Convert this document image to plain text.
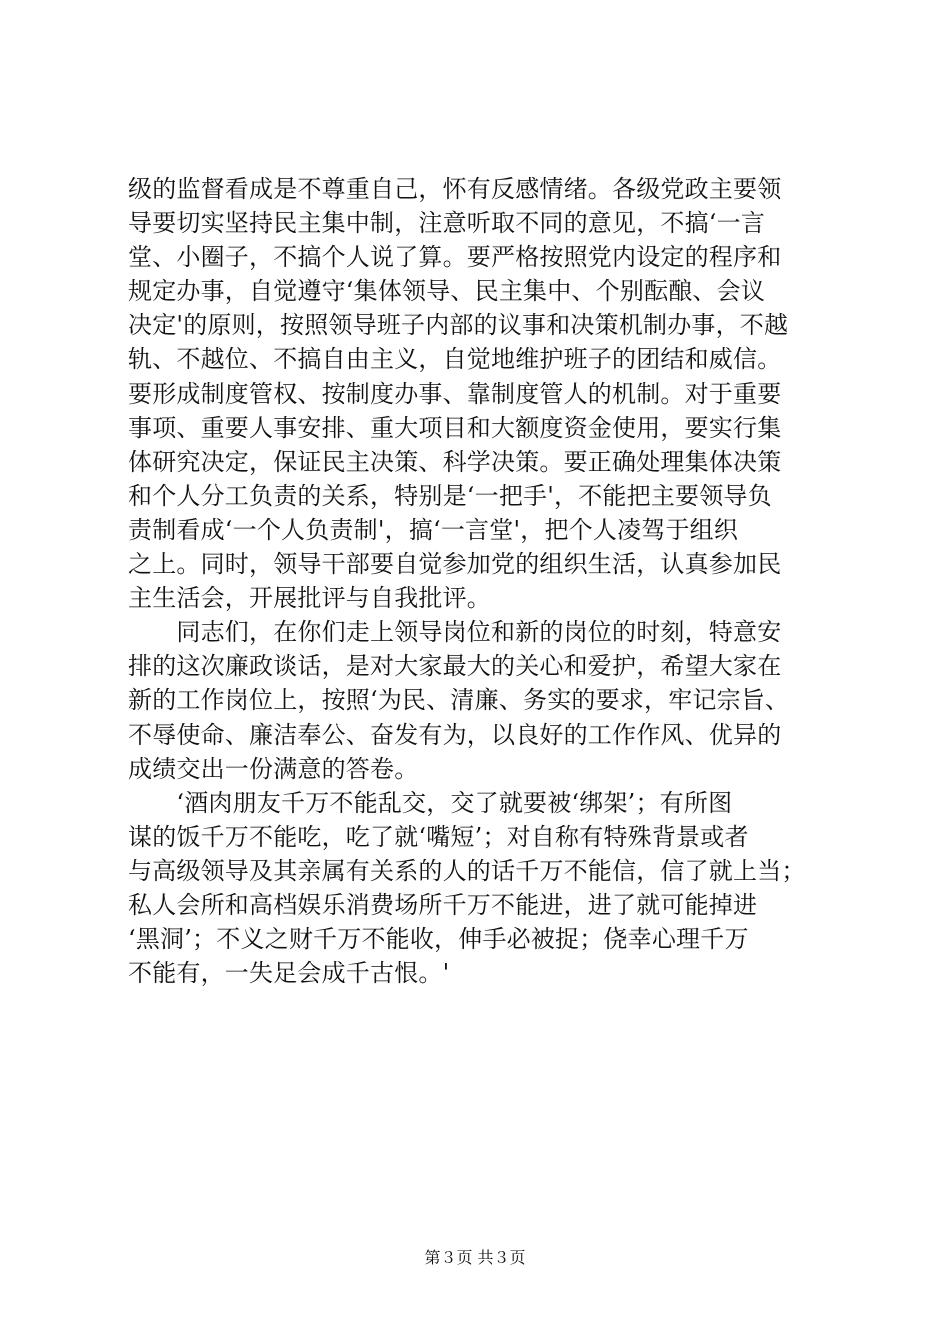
级的监督看成是不尊重自己，怀有反感情绪。各级党政主要领
导要切实坚持民主集中制，注意听取不同的意见，不搞‘一言
堂、小圈子，不搞个人说了算。要严格按照党内设定的程序和
规定办事，自觉遵守‘集体领导、民主集中、个别酝酿、会议
决定'的原则，按照领导班子内部的议事和决策机制办事，不越
轨、不越位、不搞自由主义，自觉地维护班子的团结和威信。
要形成制度管权、按制度办事、靠制度管人的机制。对于重要
事项、重要人事安排、重大项目和大额度资金使用，要实行集
体研究决定，保证民主决策、科学决策。要正确处理集体决策
和个人分工负责的关系，特别是‘一把手'，不能把主要领导负
责制看成‘一个人负责制'，搞‘一言堂'，把个人凌驾于组织
之上。同时，领导干部要自觉参加党的组织生活，认真参加民
主生活会，开展批评与自我批评。
　　同志们，在你们走上领导岗位和新的岗位的时刻，特意安
排的这次廉政谈话，是对大家最大的关心和爱护，希望大家在
新的工作岗位上，按照‘为民、清廉、务实的要求，牢记宗旨、
不辱使命、廉洁奉公、奋发有为，以良好的工作作风、优异的
成绩交出一份满意的答卷。
　　‘酒肉朋友千万不能乱交，交了就要被‘绑架’；有所图
谋的饭千万不能吃，吃了就‘嘴短’；对自称有特殊背景或者
与高级领导及其亲属有关系的人的话千万不能信，信了就上当；
私人会所和高档娱乐消费场所千万不能进，进了就可能掉进
‘黑洞’；不义之财千万不能收，伸手必被捉；侥幸心理千万
不能有，一失足会成千古恨。'
第３页 共３页
